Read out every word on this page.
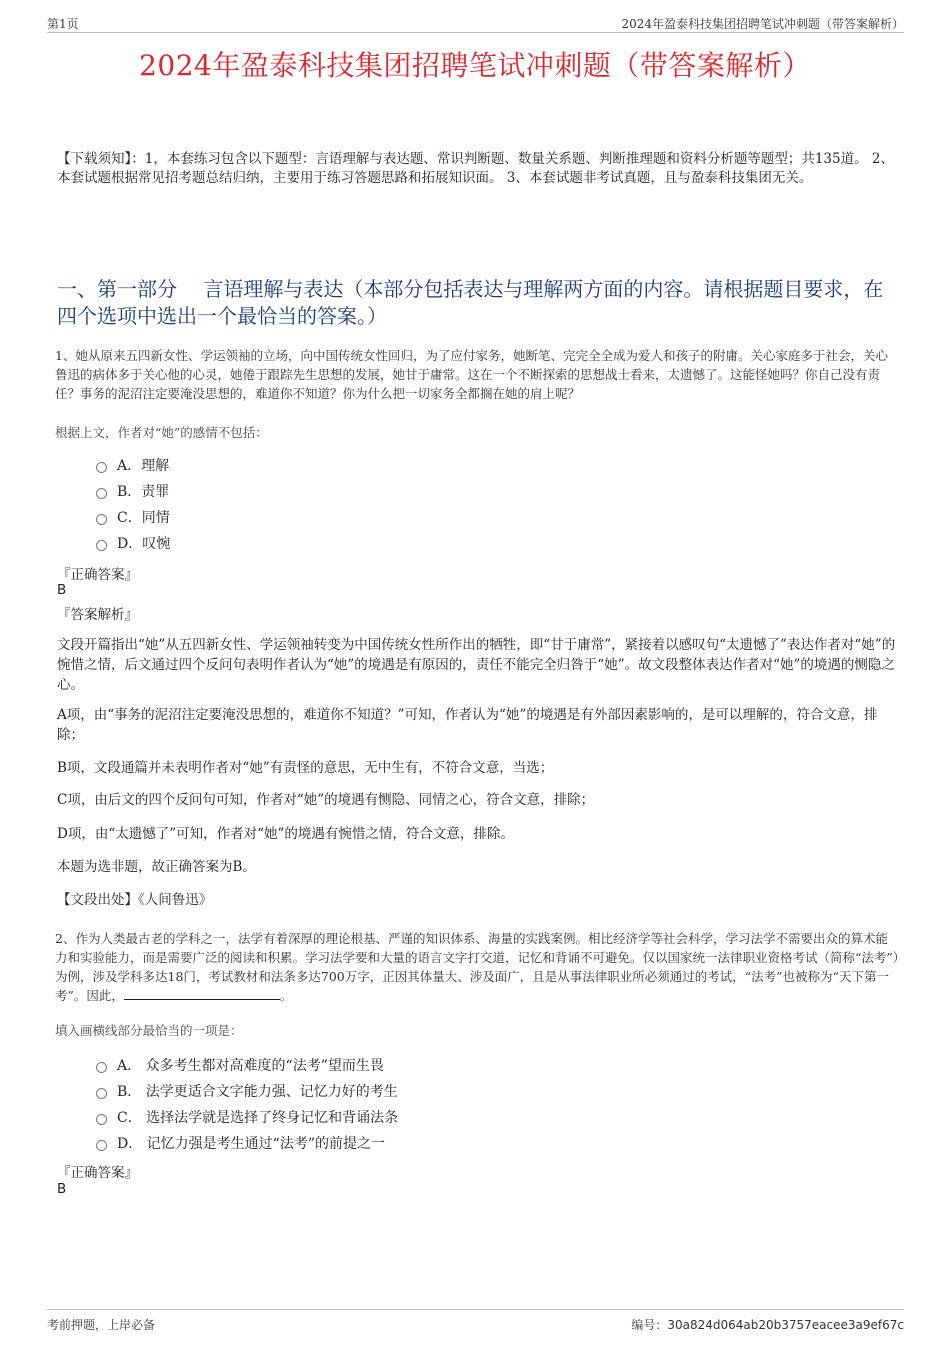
第1页	2024年盈泰科技集团招聘笔试冲刺题（带答案解析）
2024年盈泰科技集团招聘笔试冲刺题（带答案解析）
【下载须知】：1，本套练习包含以下题型：言语理解与表达题、常识判断题、数量关系题、判断推理题和资料分析题等题型；共135道。 2、本套试题根据常见招考题总结归纳，主要用于练习答题思路和拓展知识面。 3、本套试题非考试真题，且与盈泰科技集团无关。
一、第一部分　 言语理解与表达（本部分包括表达与理解两方面的内容。请根据题目要求，在四个选项中选出一个最恰当的答案。）
1、她从原来五四新女性、学运领袖的立场，向中国传统女性回归，为了应付家务，她断笔、完完全全成为爱人和孩子的附庸。关心家庭多于社会，关心鲁迅的病体多于关心他的心灵，她倦于跟踪先生思想的发展，她甘于庸常。这在一个不断探索的思想战士看来，太遗憾了。这能怪她吗？你自己没有责任？事务的泥沼注定要淹没思想的，难道你不知道？你为什么把一切家务全都搁在她的肩上呢？
根据上文，作者对“她”的感情不包括：
A．理解
B．责罪
C．同情
D．叹惋
『正确答案』
B
『答案解析』
文段开篇指出“她”从五四新女性、学运领袖转变为中国传统女性所作出的牺牲，即“甘于庸常”，紧接着以感叹句“太遗憾了”表达作者对“她”的惋惜之情，后文通过四个反问句表明作者认为“她”的境遇是有原因的，责任不能完全归咎于“她”。故文段整体表达作者对“她”的境遇的恻隐之心。
A项，由“事务的泥沼注定要淹没思想的，难道你不知道？”可知，作者认为“她”的境遇是有外部因素影响的，是可以理解的，符合文意，排除；
B项，文段通篇并未表明作者对“她”有责怪的意思，无中生有，不符合文意，当选；
C项，由后文的四个反问句可知，作者对“她”的境遇有恻隐、同情之心，符合文意，排除；
D项，由“太遗憾了”可知，作者对“她”的境遇有惋惜之情，符合文意，排除。
本题为选非题，故正确答案为B。
【文段出处】《人间鲁迅》
2、作为人类最古老的学科之一，法学有着深厚的理论根基、严谨的知识体系、海量的实践案例。相比经济学等社会科学，学习法学不需要出众的算术能力和实验能力，而是需要广泛的阅读和积累。学习法学要和大量的语言文字打交道，记忆和背诵不可避免。仅以国家统一法律职业资格考试（简称“法考”）为例，涉及学科多达18门，考试教材和法条多达700万字，正因其体量大、涉及面广，且是从事法律职业所必须通过的考试，“法考”也被称为“天下第一考”。因此，	。
填入画横线部分最恰当的一项是：
A． 众多考生都对高难度的“法考”望而生畏
B． 法学更适合文字能力强、记忆力好的考生
C． 选择法学就是选择了终身记忆和背诵法条
D． 记忆力强是考生通过“法考”的前提之一
『正确答案』
B
考前押题，上岸必备	编号：30a824d064ab20b3757eacee3a9ef67c
